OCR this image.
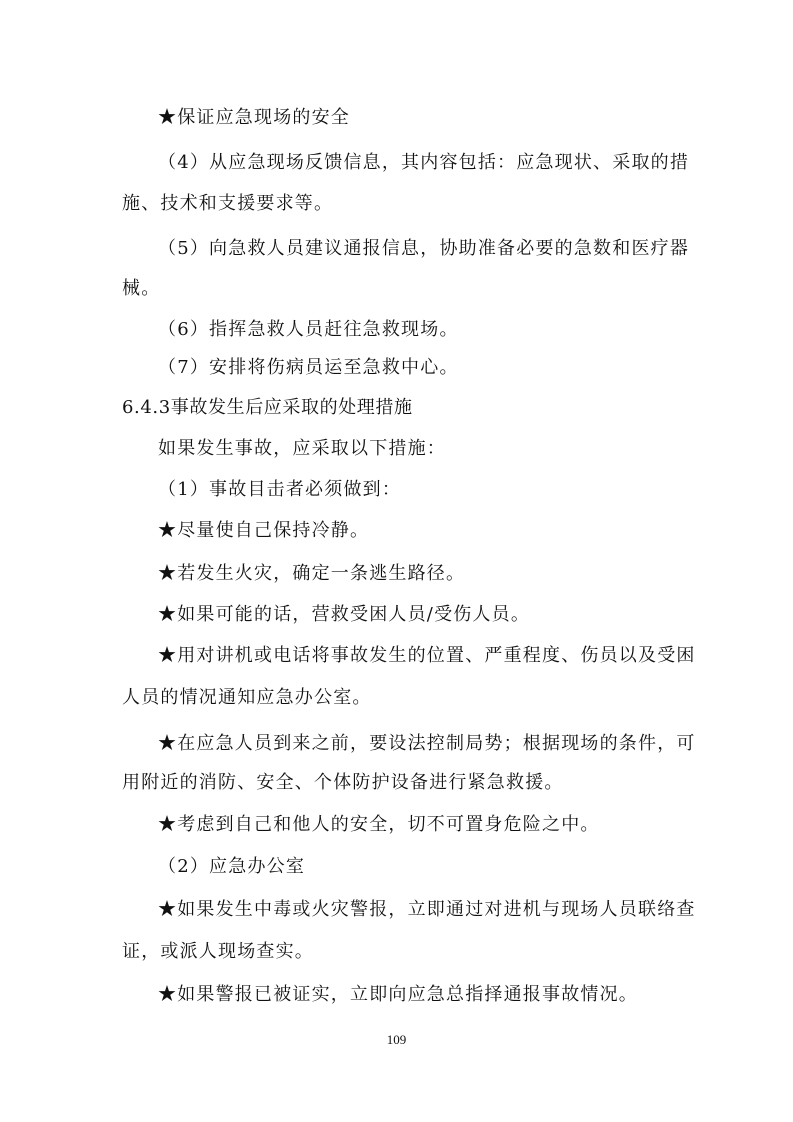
★保证应急现场的安全
（4）从应急现场反馈信息，其内容包括：应急现状、采取的措
施、技术和支援要求等。
（5）向急救人员建议通报信息，协助准备必要的急数和医疗器
械。
（6）指挥急救人员赶往急救现场。
（7）安排将伤病员运至急救中心。
6.4.3事故发生后应采取的处理措施
如果发生事故，应采取以下措施：
（1）事故目击者必须做到：
★尽量使自己保持冷静。
★若发生火灾，确定一条逃生路径。
★如果可能的话，营救受困人员/受伤人员。
★用对讲机或电话将事故发生的位置、严重程度、伤员以及受困
人员的情况通知应急办公室。
★在应急人员到来之前，要设法控制局势；根据现场的条件，可
用附近的消防、安全、个体防护设备进行紧急救援。
★考虑到自己和他人的安全，切不可置身危险之中。
（2）应急办公室
★如果发生中毒或火灾警报，立即通过对进机与现场人员联络查
证，或派人现场查实。
★如果警报已被证实，立即向应急总指择通报事故情况。
109
